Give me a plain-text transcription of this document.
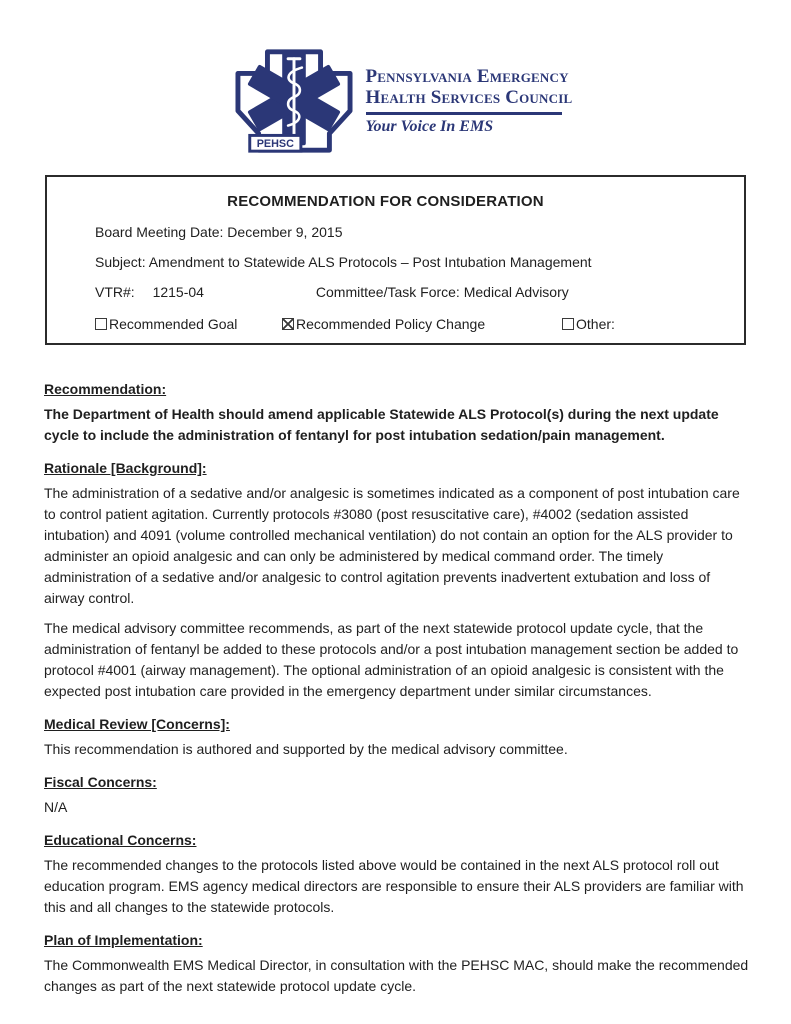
PEHSC
Pennsylvania Emergency
Health Services Council
Your Voice In EMS
RECOMMENDATION FOR CONSIDERATION
Board Meeting Date: December 9, 2015
Subject: Amendment to Statewide ALS Protocols – Post Intubation Management
VTR#: 1215-04	Committee/Task Force: Medical Advisory
Recommended Goal	Recommended Policy Change	Other:
Recommendation:

The Department of Health should amend applicable Statewide ALS Protocol(s) during the next update cycle to include the administration of fentanyl for post intubation sedation/pain management.

Rationale [Background]:

The administration of a sedative and/or analgesic is sometimes indicated as a component of post intubation care to control patient agitation. Currently protocols #3080 (post resuscitative care), #4002 (sedation assisted intubation) and 4091 (volume controlled mechanical ventilation) do not contain an option for the ALS provider to administer an opioid analgesic and can only be administered by medical command order. The timely administration of a sedative and/or analgesic to control agitation prevents inadvertent extubation and loss of airway control.

The medical advisory committee recommends, as part of the next statewide protocol update cycle, that the administration of fentanyl be added to these protocols and/or a post intubation management section be added to protocol #4001 (airway management). The optional administration of an opioid analgesic is consistent with the expected post intubation care provided in the emergency department under similar circumstances.

Medical Review [Concerns]:

This recommendation is authored and supported by the medical advisory committee.

Fiscal Concerns:

N/A

Educational Concerns:

The recommended changes to the protocols listed above would be contained in the next ALS protocol roll out education program. EMS agency medical directors are responsible to ensure their ALS providers are familiar with this and all changes to the statewide protocols.

Plan of Implementation:

The Commonwealth EMS Medical Director, in consultation with the PEHSC MAC, should make the recommended changes as part of the next statewide protocol update cycle.
